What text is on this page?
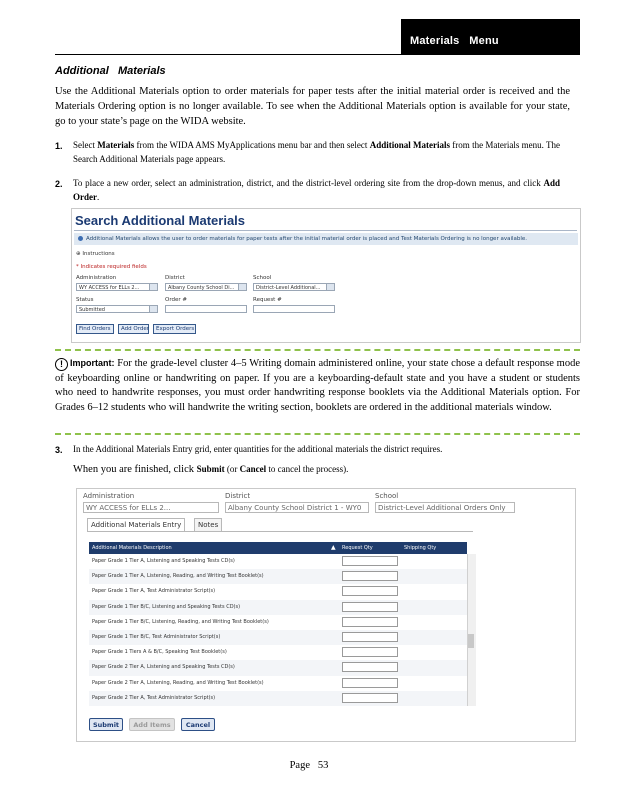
Materials   Menu
Additional   Materials
Use the Additional Materials option to order materials for paper tests after the initial material order is received and the Materials Ordering option is no longer available. To see when the Additional Materials option is available for your state, go to your state’s page on the WIDA website.
1. Select Materials from the WIDA AMS MyApplications menu bar and then select Additional Materials from the Materials menu. The Search Additional Materials page appears.
2. To place a new order, select an administration, district, and the district-level ordering site from the drop-down menus, and click Add Order.
Search Additional Materials
Additional Materials allows the user to order materials for paper tests after the initial material order is placed and Test Materials Ordering is no longer available.
⊕ Instructions
* Indicates required fields
Administration
WY ACCESS for ELLs 2...
District
Albany County School Di...
School
District-Level Additional...
Status
Submitted
Order #	Request #
Find Orders	Add Order	Export Orders
! Important: For the grade-level cluster 4–5 Writing domain administered online, your state chose a default response mode of keyboarding online or handwriting on paper. If you are a keyboarding-default state and you have a student or students who need to handwrite responses, you must order handwriting response booklets via the Additional Materials option. For Grades 6–12 students who will handwrite the writing section, booklets are ordered in the additional materials window.
3. In the Additional Materials Entry grid, enter quantities for the additional materials the district requires.
When you are finished, click Submit (or Cancel to cancel the process).
Administration
WY ACCESS for ELLs 2...
District
Albany County School District 1 - WY0
School
District-Level Additional Orders Only
Additional Materials Entry	Notes
Additional Materials Description	▲ Request Qty	Shipping Qty
Paper Grade 1 Tier A, Listening and Speaking Tests CD(s)
Paper Grade 1 Tier A, Listening, Reading, and Writing Test Booklet(s)
Paper Grade 1 Tier A, Test Administrator Script(s)
Paper Grade 1 Tier B/C, Listening and Speaking Tests CD(s)
Paper Grade 1 Tier B/C, Listening, Reading, and Writing Test Booklet(s)
Paper Grade 1 Tier B/C, Test Administrator Script(s)
Paper Grade 1 Tiers A & B/C, Speaking Test Booklet(s)
Paper Grade 2 Tier A, Listening and Speaking Tests CD(s)
Paper Grade 2 Tier A, Listening, Reading, and Writing Test Booklet(s)
Paper Grade 2 Tier A, Test Administrator Script(s)
Submit	Add Items	Cancel
Page   53
